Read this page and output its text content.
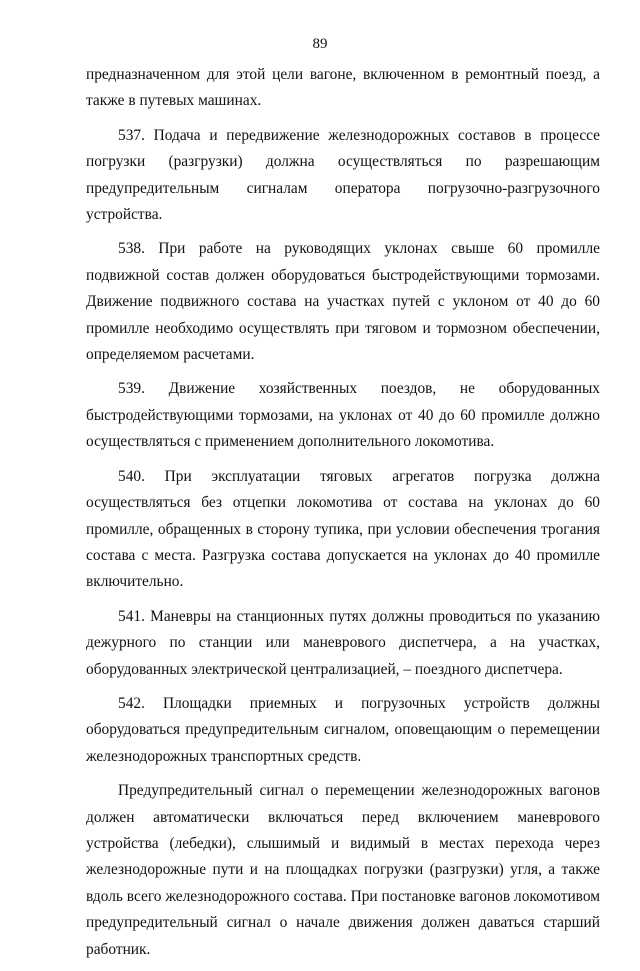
89

предназначенном для этой цели вагоне, включенном в ремонтный поезд, а также в путевых машинах.

537. Подача и передвижение железнодорожных составов в процессе погрузки (разгрузки) должна осуществляться по разрешающим предупредительным сигналам оператора погрузочно-разгрузочного устройства.

538. При работе на руководящих уклонах свыше 60 промилле подвижной состав должен оборудоваться быстродействующими тормозами. Движение подвижного состава на участках путей с уклоном от 40 до 60 промилле необходимо осуществлять при тяговом и тормозном обеспечении, определяемом расчетами.

539. Движение хозяйственных поездов, не оборудованных быстродействующими тормозами, на уклонах от 40 до 60 промилле должно осуществляться с применением дополнительного локомотива.

540. При эксплуатации тяговых агрегатов погрузка должна осуществляться без отцепки локомотива от состава на уклонах до 60 промилле, обращенных в сторону тупика, при условии обеспечения трогания состава с места. Разгрузка состава допускается на уклонах до 40 промилле включительно.

541. Маневры на станционных путях должны проводиться по указанию дежурного по станции или маневрового диспетчера, а на участках, оборудованных электрической централизацией, – поездного диспетчера.

542. Площадки приемных и погрузочных устройств должны оборудоваться предупредительным сигналом, оповещающим о перемещении железнодорожных транспортных средств.

Предупредительный сигнал о перемещении железнодорожных вагонов должен автоматически включаться перед включением маневрового устройства (лебедки), слышимый и видимый в местах перехода через железнодорожные пути и на площадках погрузки (разгрузки) угля, а также вдоль всего железнодорожного состава. При постановке вагонов локомотивом предупредительный сигнал о начале движения должен даваться старший работник.
